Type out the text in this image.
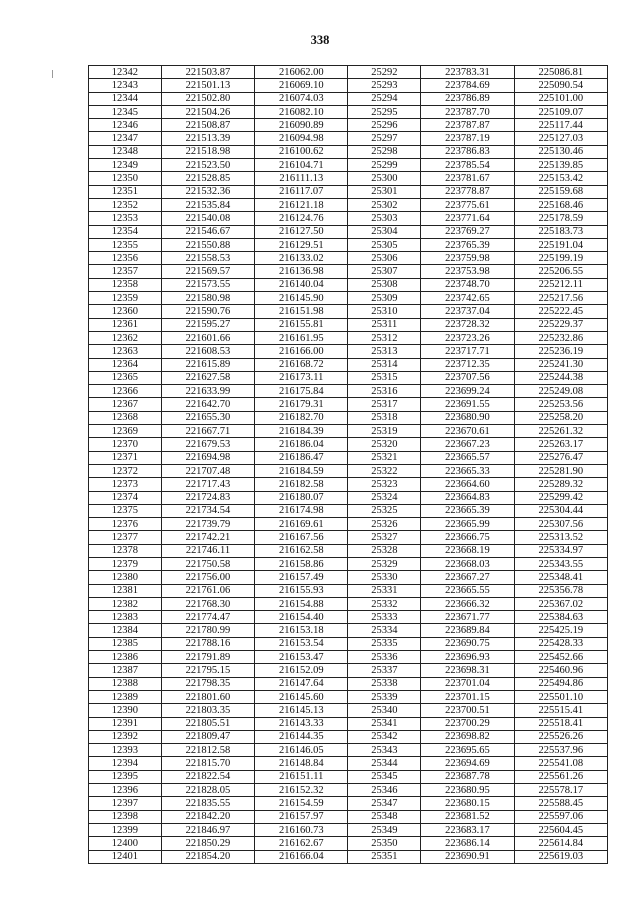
338
12342	221503.87	216062.00	25292	223783.31	225086.81
12343	221501.13	216069.10	25293	223784.69	225090.54
12344	221502.80	216074.03	25294	223786.89	225101.00
12345	221504.26	216082.10	25295	223787.70	225109.07
12346	221508.87	216090.89	25296	223787.87	225117.44
12347	221513.39	216094.98	25297	223787.19	225127.03
12348	221518.98	216100.62	25298	223786.83	225130.46
12349	221523.50	216104.71	25299	223785.54	225139.85
12350	221528.85	216111.13	25300	223781.67	225153.42
12351	221532.36	216117.07	25301	223778.87	225159.68
12352	221535.84	216121.18	25302	223775.61	225168.46
12353	221540.08	216124.76	25303	223771.64	225178.59
12354	221546.67	216127.50	25304	223769.27	225183.73
12355	221550.88	216129.51	25305	223765.39	225191.04
12356	221558.53	216133.02	25306	223759.98	225199.19
12357	221569.57	216136.98	25307	223753.98	225206.55
12358	221573.55	216140.04	25308	223748.70	225212.11
12359	221580.98	216145.90	25309	223742.65	225217.56
12360	221590.76	216151.98	25310	223737.04	225222.45
12361	221595.27	216155.81	25311	223728.32	225229.37
12362	221601.66	216161.95	25312	223723.26	225232.86
12363	221608.53	216166.00	25313	223717.71	225236.19
12364	221615.89	216168.72	25314	223712.35	225241.30
12365	221627.58	216173.11	25315	223707.56	225244.38
12366	221633.99	216175.84	25316	223699.24	225249.08
12367	221642.70	216179.31	25317	223691.55	225253.56
12368	221655.30	216182.70	25318	223680.90	225258.20
12369	221667.71	216184.39	25319	223670.61	225261.32
12370	221679.53	216186.04	25320	223667.23	225263.17
12371	221694.98	216186.47	25321	223665.57	225276.47
12372	221707.48	216184.59	25322	223665.33	225281.90
12373	221717.43	216182.58	25323	223664.60	225289.32
12374	221724.83	216180.07	25324	223664.83	225299.42
12375	221734.54	216174.98	25325	223665.39	225304.44
12376	221739.79	216169.61	25326	223665.99	225307.56
12377	221742.21	216167.56	25327	223666.75	225313.52
12378	221746.11	216162.58	25328	223668.19	225334.97
12379	221750.58	216158.86	25329	223668.03	225343.55
12380	221756.00	216157.49	25330	223667.27	225348.41
12381	221761.06	216155.93	25331	223665.55	225356.78
12382	221768.30	216154.88	25332	223666.32	225367.02
12383	221774.47	216154.40	25333	223671.77	225384.63
12384	221780.99	216153.18	25334	223689.84	225425.19
12385	221788.16	216153.54	25335	223690.75	225428.33
12386	221791.89	216153.47	25336	223696.93	225452.66
12387	221795.15	216152.09	25337	223698.31	225460.96
12388	221798.35	216147.64	25338	223701.04	225494.86
12389	221801.60	216145.60	25339	223701.15	225501.10
12390	221803.35	216145.13	25340	223700.51	225515.41
12391	221805.51	216143.33	25341	223700.29	225518.41
12392	221809.47	216144.35	25342	223698.82	225526.26
12393	221812.58	216146.05	25343	223695.65	225537.96
12394	221815.70	216148.84	25344	223694.69	225541.08
12395	221822.54	216151.11	25345	223687.78	225561.26
12396	221828.05	216152.32	25346	223680.95	225578.17
12397	221835.55	216154.59	25347	223680.15	225588.45
12398	221842.20	216157.97	25348	223681.52	225597.06
12399	221846.97	216160.73	25349	223683.17	225604.45
12400	221850.29	216162.67	25350	223686.14	225614.84
12401	221854.20	216166.04	25351	223690.91	225619.03
